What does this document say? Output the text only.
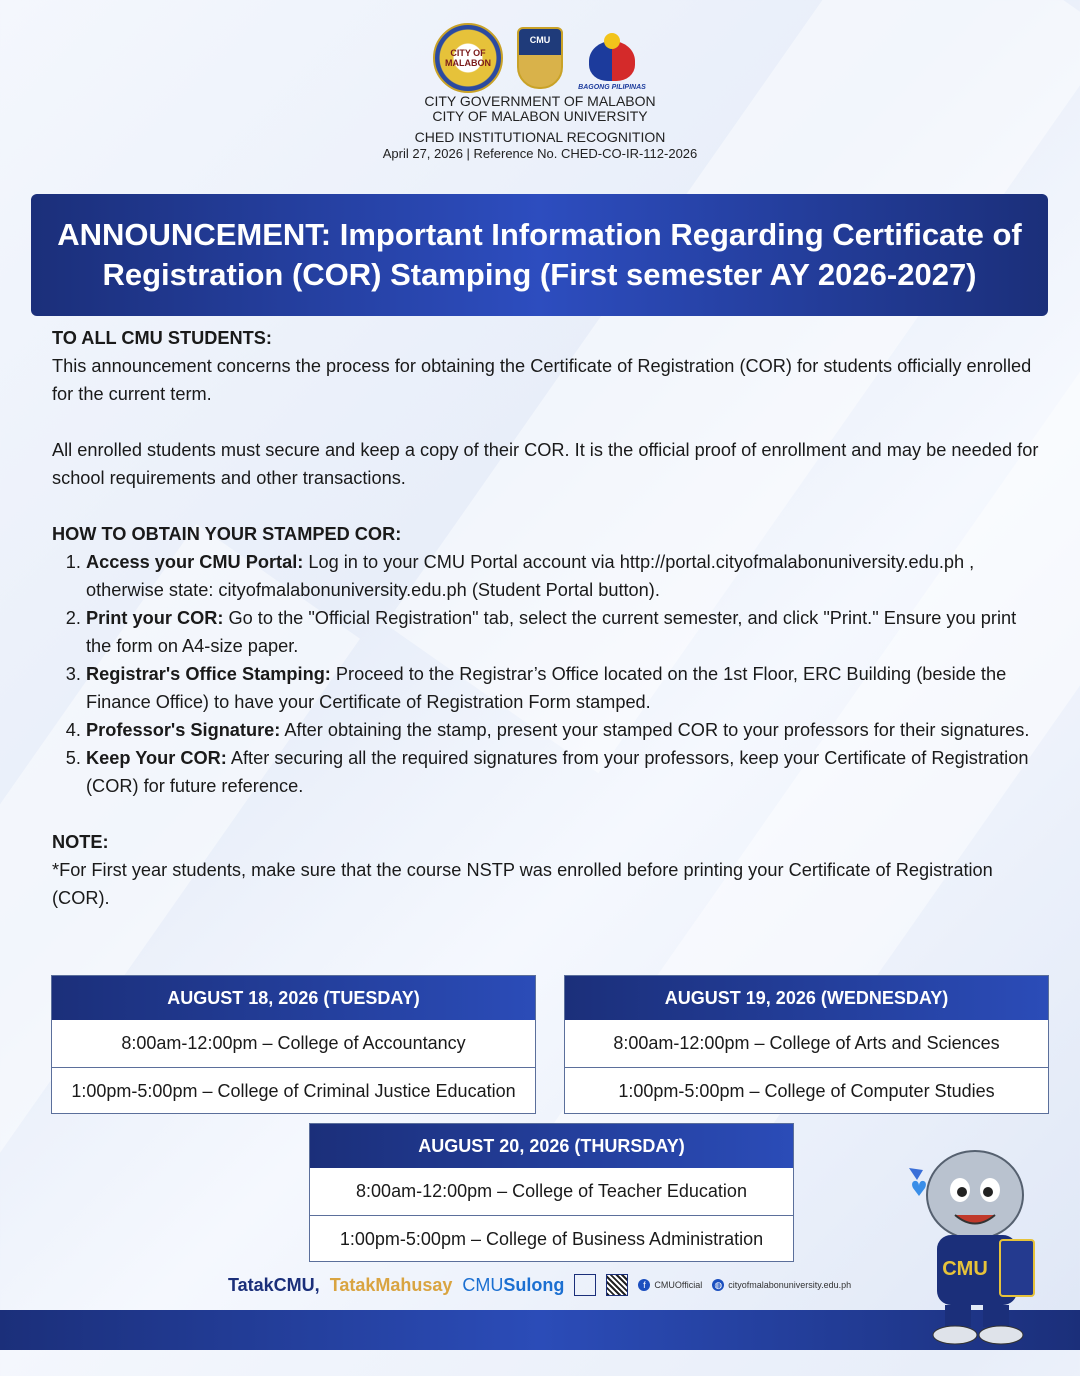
CITY OF MALABON
CMU
BAGONG PILIPINAS
CITY GOVERNMENT OF MALABON
CITY OF MALABON UNIVERSITY
CHED INSTITUTIONAL RECOGNITION
April 27, 2026 | Reference No. CHED-CO-IR-112-2026
ANNOUNCEMENT: Important Information Regarding Certificate of Registration (COR) Stamping (First semester AY 2026-2027)

TO ALL CMU STUDENTS:

This announcement concerns the process for obtaining the Certificate of Registration (COR) for students officially enrolled for the current term.

All enrolled students must secure and keep a copy of their COR. It is the official proof of enrollment and may be needed for school requirements and other transactions.

HOW TO OBTAIN YOUR STAMPED COR:

1. Access your CMU Portal: Log in to your CMU Portal account via http://portal.cityofmalabonuniversity.edu.ph , otherwise state: cityofmalabonuniversity.edu.ph (Student Portal button).
2. Print your COR: Go to the "Official Registration" tab, select the current semester, and click "Print." Ensure you print the form on A4-size paper.
3. Registrar's Office Stamping: Proceed to the Registrar’s Office located on the 1st Floor, ERC Building (beside the Finance Office) to have your Certificate of Registration Form stamped.
4. Professor's Signature: After obtaining the stamp, present your stamped COR to your professors for their signatures.
5. Keep Your COR: After securing all the required signatures from your professors, keep your Certificate of Registration (COR) for future reference.

NOTE:

*For First year students, make sure that the course NSTP was enrolled before printing your Certificate of Registration (COR).

AUGUST 18, 2026 (TUESDAY)
8:00am-12:00pm – College of Accountancy
1:00pm-5:00pm – College of Criminal Justice Education
AUGUST 19, 2026 (WEDNESDAY)
8:00am-12:00pm – College of Arts and Sciences
1:00pm-5:00pm – College of Computer Studies
AUGUST 20, 2026 (THURSDAY)
8:00am-12:00pm – College of Teacher Education
1:00pm-5:00pm – College of Business Administration
TatakCMU, TatakMahusay CMUSulong	f CMUOfficial ◍ cityofmalabonuniversity.edu.ph
CMU
